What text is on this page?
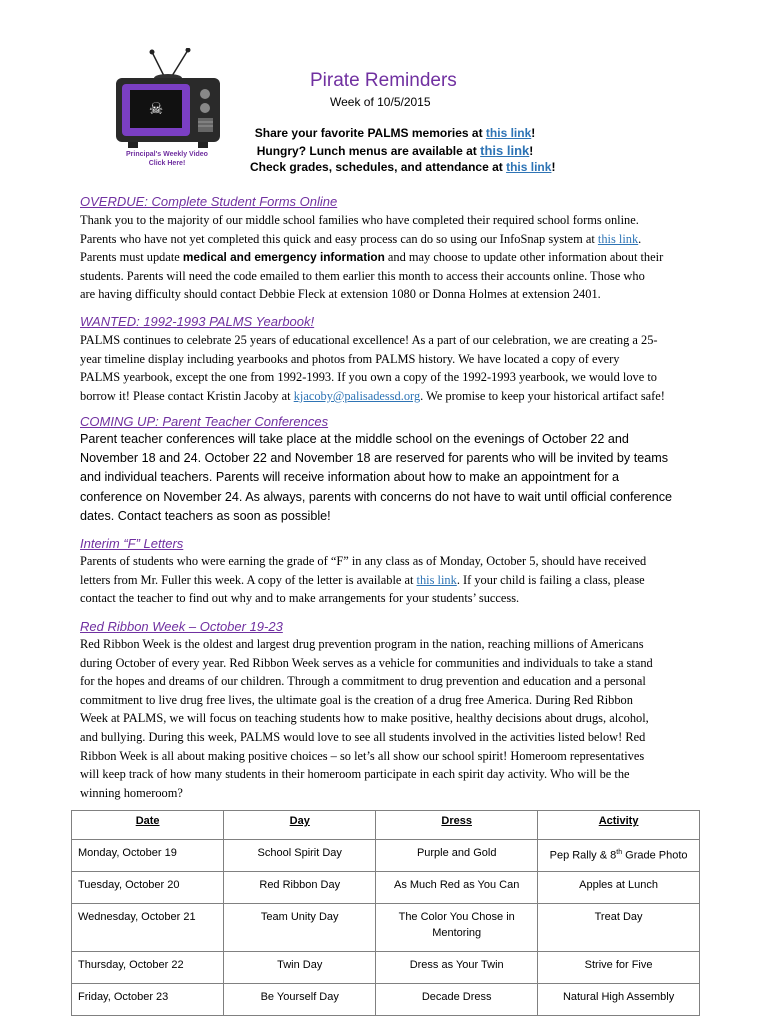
☠
Principal's Weekly Video
Click Here!
Pirate Reminders
Week of 10/5/2015
Share your favorite PALMS memories at this link!
Hungry? Lunch menus are available at this link!
Check grades, schedules, and attendance at this link!
OVERDUE: Complete Student Forms Online
Thank you to the majority of our middle school families who have completed their required school forms online.
Parents who have not yet completed this quick and easy process can do so using our InfoSnap system at this link.
Parents must update medical and emergency information and may choose to update other information about their
students. Parents will need the code emailed to them earlier this month to access their accounts online. Those who
are having difficulty should contact Debbie Fleck at extension 1080 or Donna Holmes at extension 2401.
WANTED: 1992-1993 PALMS Yearbook!
PALMS continues to celebrate 25 years of educational excellence! As a part of our celebration, we are creating a 25-
year timeline display including yearbooks and photos from PALMS history. We have located a copy of every
PALMS yearbook, except the one from 1992-1993. If you own a copy of the 1992-1993 yearbook, we would love to
borrow it! Please contact Kristin Jacoby at kjacoby@palisadessd.org. We promise to keep your historical artifact safe!
COMING UP: Parent Teacher Conferences
Parent teacher conferences will take place at the middle school on the evenings of October 22 and
November 18 and 24. October 22 and November 18 are reserved for parents who will be invited by teams
and individual teachers. Parents will receive information about how to make an appointment for a
conference on November 24. As always, parents with concerns do not have to wait until official conference
dates. Contact teachers as soon as possible!
Interim “F” Letters
Parents of students who were earning the grade of “F” in any class as of Monday, October 5, should have received
letters from Mr. Fuller this week. A copy of the letter is available at this link. If your child is failing a class, please
contact the teacher to find out why and to make arrangements for your students’ success.
Red Ribbon Week – October 19-23
Red Ribbon Week is the oldest and largest drug prevention program in the nation, reaching millions of Americans
during October of every year. Red Ribbon Week serves as a vehicle for communities and individuals to take a stand
for the hopes and dreams of our children. Through a commitment to drug prevention and education and a personal
commitment to live drug free lives, the ultimate goal is the creation of a drug free America. During Red Ribbon
Week at PALMS, we will focus on teaching students how to make positive, healthy decisions about drugs, alcohol,
and bullying. During this week, PALMS would love to see all students involved in the activities listed below! Red
Ribbon Week is all about making positive choices – so let’s all show our school spirit! Homeroom representatives
will keep track of how many students in their homeroom participate in each spirit day activity. Who will be the
winning homeroom?
Date	Day	Dress	Activity
Monday, October 19	School Spirit Day	Purple and Gold	Pep Rally & 8th Grade Photo
Tuesday, October 20	Red Ribbon Day	As Much Red as You Can	Apples at Lunch
Wednesday, October 21	Team Unity Day	The Color You Chose in Mentoring	Treat Day
Thursday, October 22	Twin Day	Dress as Your Twin	Strive for Five
Friday, October 23	Be Yourself Day	Decade Dress	Natural High Assembly
